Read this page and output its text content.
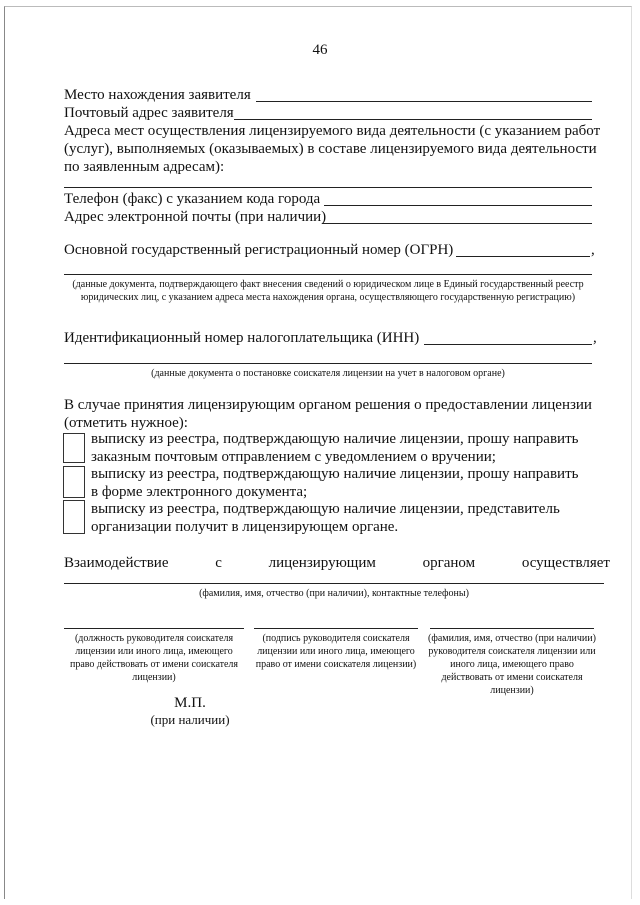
46
Место нахождения заявителя
Почтовый адрес заявителя
Адреса мест осуществления лицензируемого вида деятельности (с указанием работ
(услуг), выполняемых (оказываемых) в составе лицензируемого вида деятельности
по заявленным адресам):
Телефон (факс) с указанием кода города
Адрес электронной почты (при наличии)
Основной государственный регистрационный номер (ОГРН)	,
(данные документа, подтверждающего факт внесения сведений о юридическом лице в Единый государственный реестр юридических лиц, с указанием адреса места нахождения органа, осуществляющего государственную регистрацию)
Идентификационный номер налогоплательщика (ИНН)	,
(данные документа о постановке соискателя лицензии на учет в налоговом органе)
В случае принятия лицензирующим органом решения о предоставлении лицензии
(отметить нужное):
выписку из реестра, подтверждающую наличие лицензии, прошу направить
заказным почтовым отправлением с уведомлением о вручении;
выписку из реестра, подтверждающую наличие лицензии, прошу направить
в форме электронного документа;
выписку из реестра, подтверждающую наличие лицензии, представитель
организации получит в лицензирующем органе.
Взаимодействие	с	лицензирующим	органом	осуществляет
(фамилия, имя, отчество (при наличии), контактные телефоны)
(должность руководителя соискателя лицензии или иного лица, имеющего право действовать от имени соискателя лицензии)
(подпись руководителя соискателя лицензии или иного лица, имеющего право от имени соискателя лицензии)
(фамилия, имя, отчество (при наличии) руководителя соискателя лицензии или иного лица, имеющего право действовать от имени соискателя лицензии)
М.П.
(при наличии)
